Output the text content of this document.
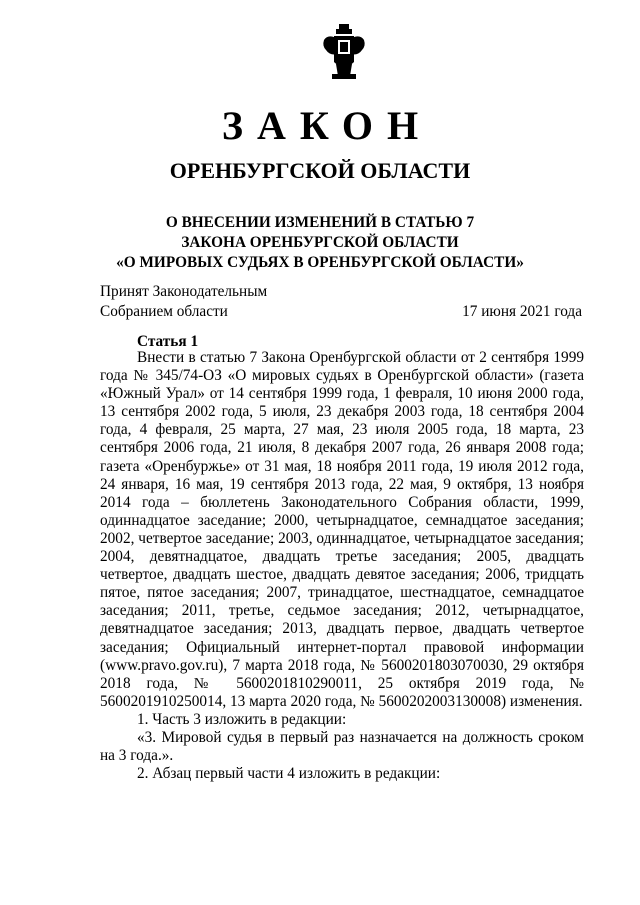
ЗАКОН
ОРЕНБУРГСКОЙ ОБЛАСТИ
О ВНЕСЕНИИ ИЗМЕНЕНИЙ В СТАТЬЮ 7
ЗАКОНА ОРЕНБУРГСКОЙ ОБЛАСТИ
«О МИРОВЫХ СУДЬЯХ В ОРЕНБУРГСКОЙ ОБЛАСТИ»
Принят Законодательным
Собранием области	17 июня 2021 года
Статья 1

Внести в статью 7 Закона Оренбургской области от 2 сентября 1999 года № 345/74-ОЗ «О мировых судьях в Оренбургской области» (газета «Южный Урал» от 14 сентября 1999 года, 1 февраля, 10 июня 2000 года, 13 сентября 2002 года, 5 июля, 23 декабря 2003 года, 18 сентября 2004 года, 4 февраля, 25 марта, 27 мая, 23 июля 2005 года, 18 марта, 23 сентября 2006 года, 21 июля, 8 декабря 2007 года, 26 января 2008 года; газета «Оренбуржье» от 31 мая, 18 ноября 2011 года, 19 июля 2012 года, 24 января, 16 мая, 19 сентября 2013 года, 22 мая, 9 октября, 13 ноября 2014 года – бюллетень Законодательного Собрания области, 1999, одиннадцатое заседание; 2000, четырнадцатое, семнадцатое заседания; 2002, четвертое заседание; 2003, одиннадцатое, четырнадцатое заседания; 2004, девятнадцатое, двадцать третье заседания; 2005, двадцать четвертое, двадцать шестое, двадцать девятое заседания; 2006, тридцать пятое, пятое заседания; 2007, тринадцатое, шестнадцатое, семнадцатое заседания; 2011, третье, седьмое заседания; 2012, четырнадцатое, девятнадцатое заседания; 2013, двадцать первое, двадцать четвертое заседания; Официальный интернет-портал правовой информации (www.pravo.gov.ru), 7 марта 2018 года, № 5600201803070030, 29 октября 2018 года, № 5600201810290011, 25 октября 2019 года, № 5600201910250014, 13 марта 2020 года, № 5600202003130008) изменения.

1. Часть 3 изложить в редакции:

«3. Мировой судья в первый раз назначается на должность сроком на 3 года.».

2. Абзац первый части 4 изложить в редакции:
